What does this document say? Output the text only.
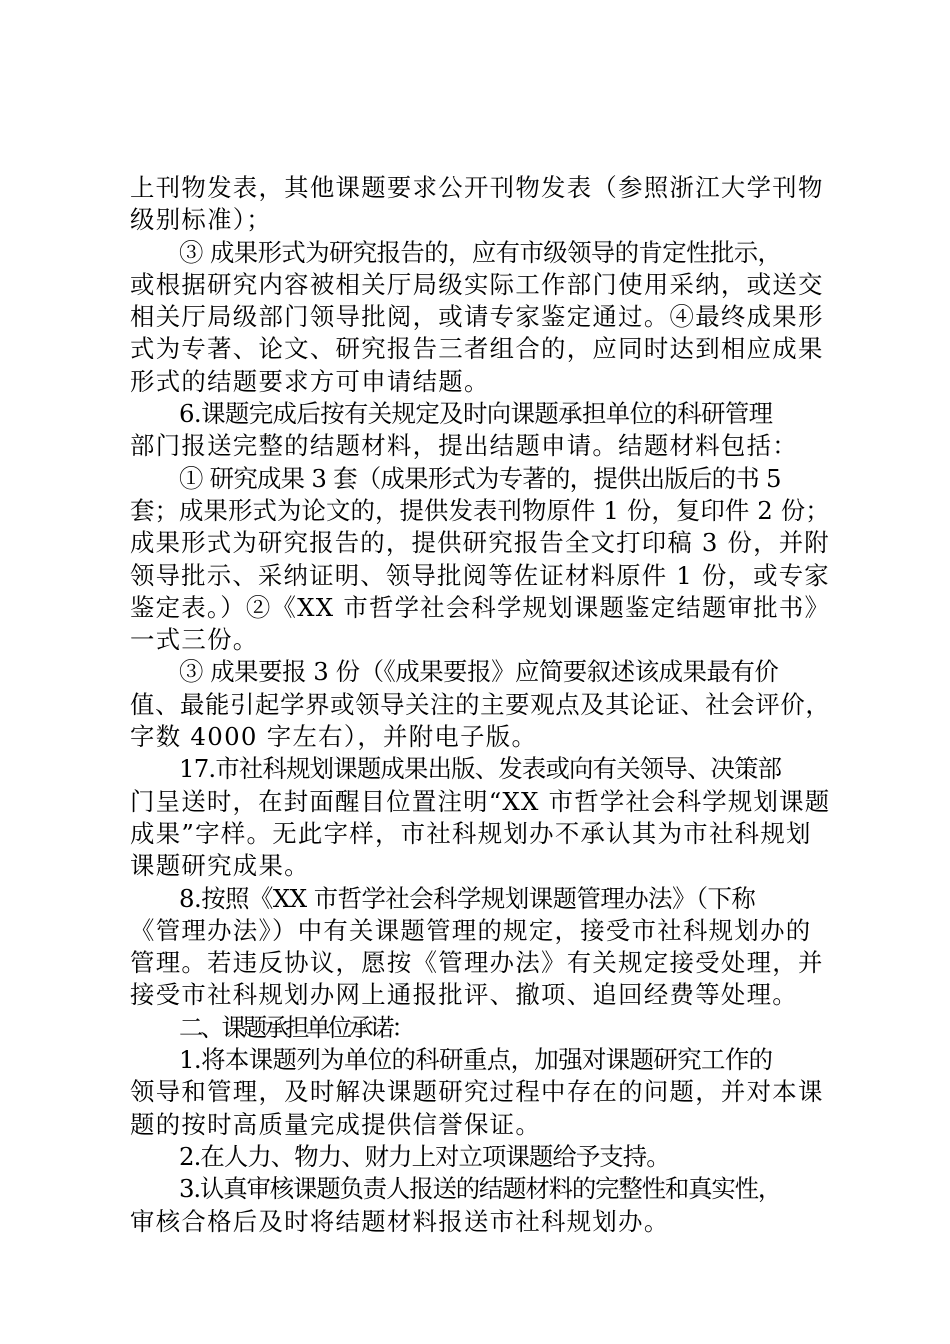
上刊物发表，其他课题要求公开刊物发表（参照浙江大学刊物
级别标准）；
③ 成果形式为研究报告的，应有市级领导的肯定性批示，
或根据研究内容被相关厅局级实际工作部门使用采纳，或送交
相关厅局级部门领导批阅，或请专家鉴定通过。④最终成果形
式为专著、论文、研究报告三者组合的，应同时达到相应成果
形式的结题要求方可申请结题。
6.课题完成后按有关规定及时向课题承担单位的科研管理
部门报送完整的结题材料，提出结题申请。结题材料包括：
① 研究成果 3 套（成果形式为专著的，提供出版后的书 5
套；成果形式为论文的，提供发表刊物原件 1 份，复印件 2 份；
成果形式为研究报告的，提供研究报告全文打印稿 3 份，并附
领导批示、采纳证明、领导批阅等佐证材料原件 1 份，或专家
鉴定表。）②《XX 市哲学社会科学规划课题鉴定结题审批书》
一式三份。
③ 成果要报 3 份（《成果要报》应简要叙述该成果最有价
值、最能引起学界或领导关注的主要观点及其论证、社会评价，
字数 4000 字左右），并附电子版。
17.市社科规划课题成果出版、发表或向有关领导、决策部
门呈送时，在封面醒目位置注明“XX 市哲学社会科学规划课题
成果”字样。无此字样，市社科规划办不承认其为市社科规划
课题研究成果。
8.按照《XX 市哲学社会科学规划课题管理办法》（下称
《管理办法》）中有关课题管理的规定，接受市社科规划办的
管理。若违反协议，愿按《管理办法》有关规定接受处理，并
接受市社科规划办网上通报批评、撤项、追回经费等处理。
二、课题承担单位承诺：
1.将本课题列为单位的科研重点，加强对课题研究工作的
领导和管理，及时解决课题研究过程中存在的问题，并对本课
题的按时高质量完成提供信誉保证。
2.在人力、物力、财力上对立项课题给予支持。
3.认真审核课题负责人报送的结题材料的完整性和真实性，
审核合格后及时将结题材料报送市社科规划办。
